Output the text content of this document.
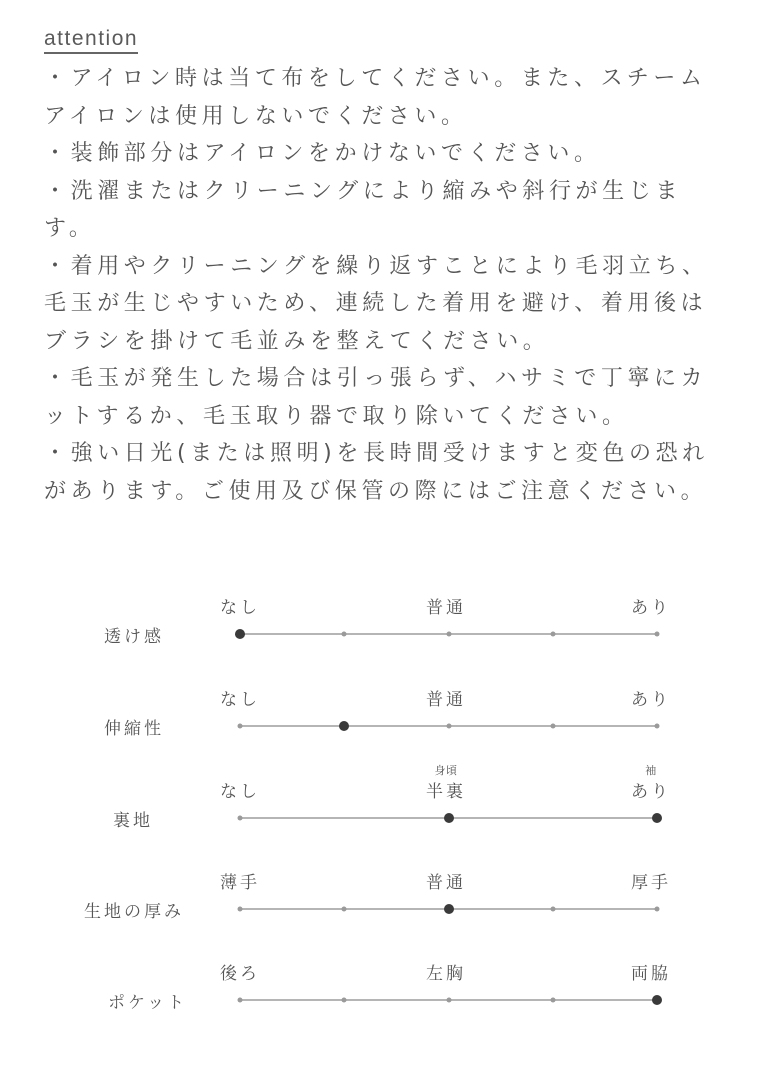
attention
・アイロン時は当て布をしてください。また、スチーム
アイロンは使用しないでください。
・装飾部分はアイロンをかけないでください。
・洗濯またはクリーニングにより縮みや斜行が生じま
す。
・着用やクリーニングを繰り返すことにより毛羽立ち、
毛玉が生じやすいため、連続した着用を避け、着用後は
ブラシを掛けて毛並みを整えてください。
・毛玉が発生した場合は引っ張らず、ハサミで丁寧にカ
ットするか、毛玉取り器で取り除いてください。
・強い日光(または照明)を長時間受けますと変色の恐れ
があります。ご使用及び保管の際にはご注意ください。
透け感
なし	普通	あり
伸縮性
なし	普通	あり
裏地
なし	半裏
身頃
あり
袖
生地の厚み
薄手	普通	厚手
ポケット
後ろ	左胸	両脇
